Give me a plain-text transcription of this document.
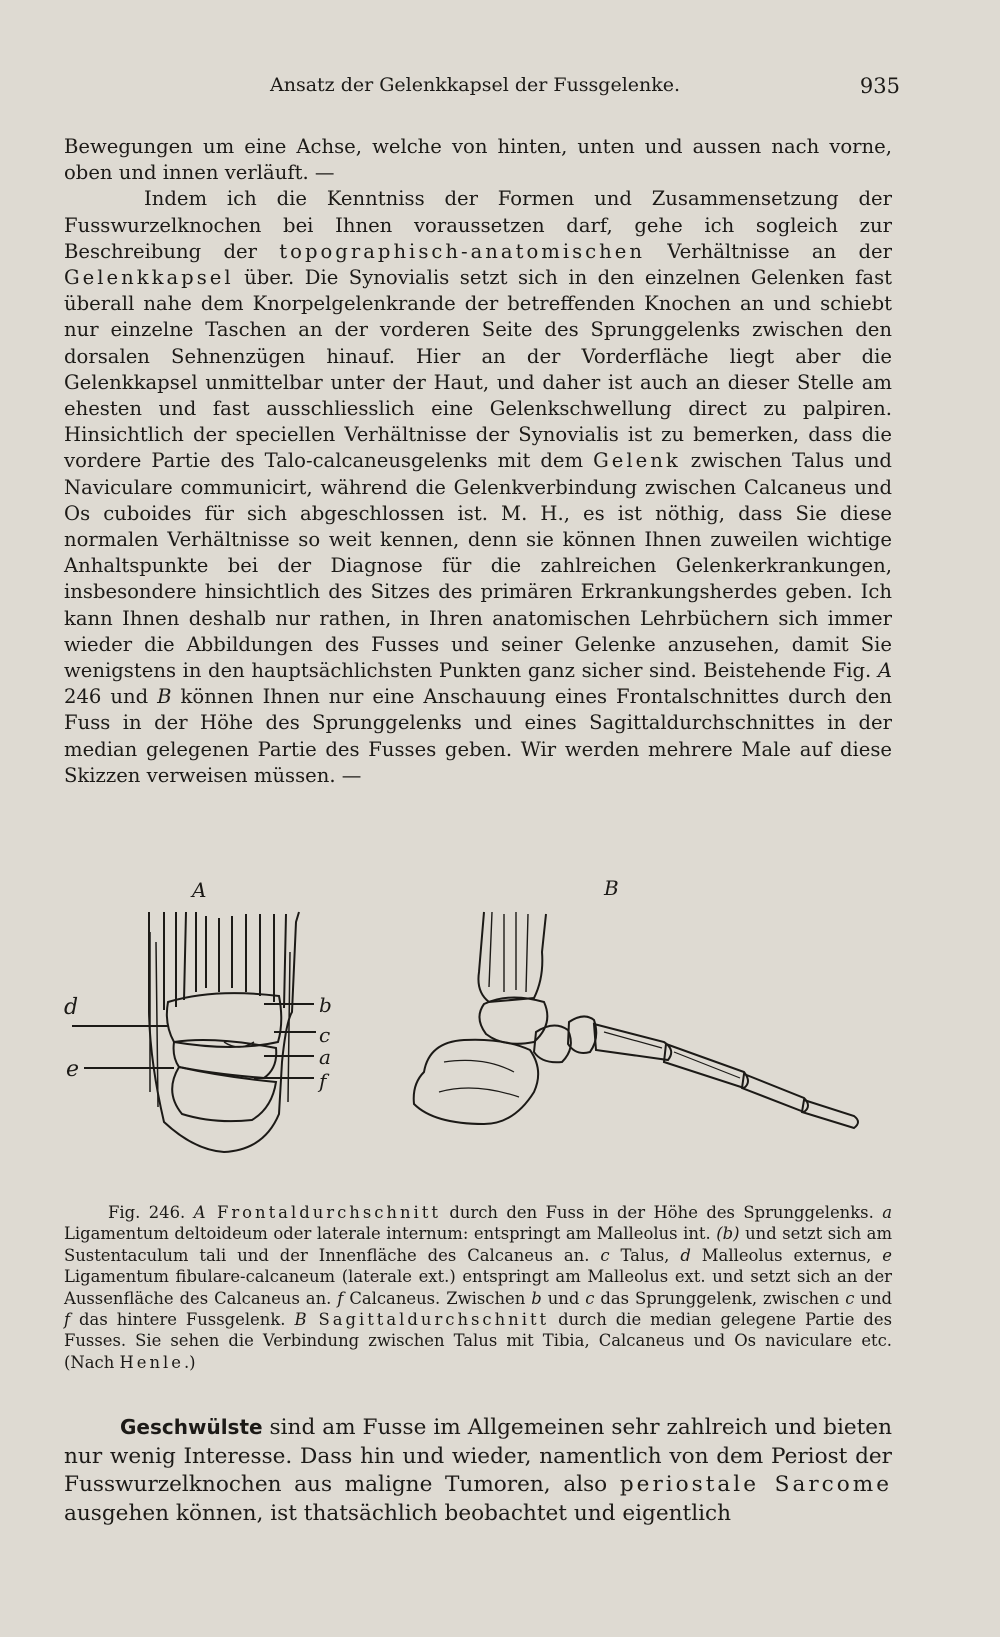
Ansatz der Gelenkkapsel der Fussgelenke.	935

Bewegungen um eine Achse, welche von hinten, unten und aussen nach vorne, oben und innen verläuft. —

Indem ich die Kenntniss der Formen und Zusammensetzung der Fusswurzelknochen bei Ihnen voraussetzen darf, gehe ich sogleich zur Beschreibung der topographisch-anatomischen Verhältnisse an der Gelenkkapsel über. Die Synovialis setzt sich in den einzelnen Gelenken fast überall nahe dem Knorpelgelenkrande der betreffenden Knochen an und schiebt nur einzelne Taschen an der vorderen Seite des Sprunggelenks zwischen den dorsalen Sehnenzügen hinauf. Hier an der Vorderfläche liegt aber die Gelenkkapsel unmittelbar unter der Haut, und daher ist auch an dieser Stelle am ehesten und fast ausschliesslich eine Gelenkschwellung direct zu palpiren. Hinsichtlich der speciellen Verhältnisse der Synovialis ist zu bemerken, dass die vordere Partie des Talo-calcaneusgelenks mit dem Gelenk zwischen Talus und Naviculare communicirt, während die Gelenkverbindung zwischen Calcaneus und Os cuboides für sich abgeschlossen ist. M. H., es ist nöthig, dass Sie diese normalen Verhältnisse so weit kennen, denn sie können Ihnen zuweilen wichtige Anhaltspunkte bei der Diagnose für die zahlreichen Gelenkerkrankungen, insbesondere hinsichtlich des Sitzes des primären Erkrankungsherdes geben. Ich kann Ihnen deshalb nur rathen, in Ihren anatomischen Lehrbüchern sich immer wieder die Abbildungen des Fusses und seiner Gelenke anzusehen, damit Sie wenigstens in den hauptsächlichsten Punkten ganz sicher sind. Beistehende Fig. A 246 und B können Ihnen nur eine Anschauung eines Frontalschnittes durch den Fuss in der Höhe des Sprunggelenks und eines Sagittaldurchschnittes in der median gelegenen Partie des Fusses geben. Wir werden mehrere Male auf diese Skizzen verweisen müssen. —

A	B
d
e
b
c
a
f

Fig. 246. A Frontaldurchschnitt durch den Fuss in der Höhe des Sprunggelenks. a Ligamentum deltoideum oder laterale internum: entspringt am Malleolus int. (b) und setzt sich am Sustentaculum tali und der Innenfläche des Calcaneus an. c Talus, d Malleolus externus, e Ligamentum fibulare-calcaneum (laterale ext.) entspringt am Malleolus ext. und setzt sich an der Aussenfläche des Calcaneus an. f Calcaneus. Zwischen b und c das Sprunggelenk, zwischen c und f das hintere Fussgelenk. B Sagittaldurchschnitt durch die median gelegene Partie des Fusses. Sie sehen die Verbindung zwischen Talus mit Tibia, Calcaneus und Os naviculare etc. (Nach Henle.)

Geschwülste sind am Fusse im Allgemeinen sehr zahlreich und bieten nur wenig Interesse. Dass hin und wieder, namentlich von dem Periost der Fusswurzelknochen aus maligne Tumoren, also periostale Sarcome ausgehen können, ist thatsächlich beobachtet und eigentlich
